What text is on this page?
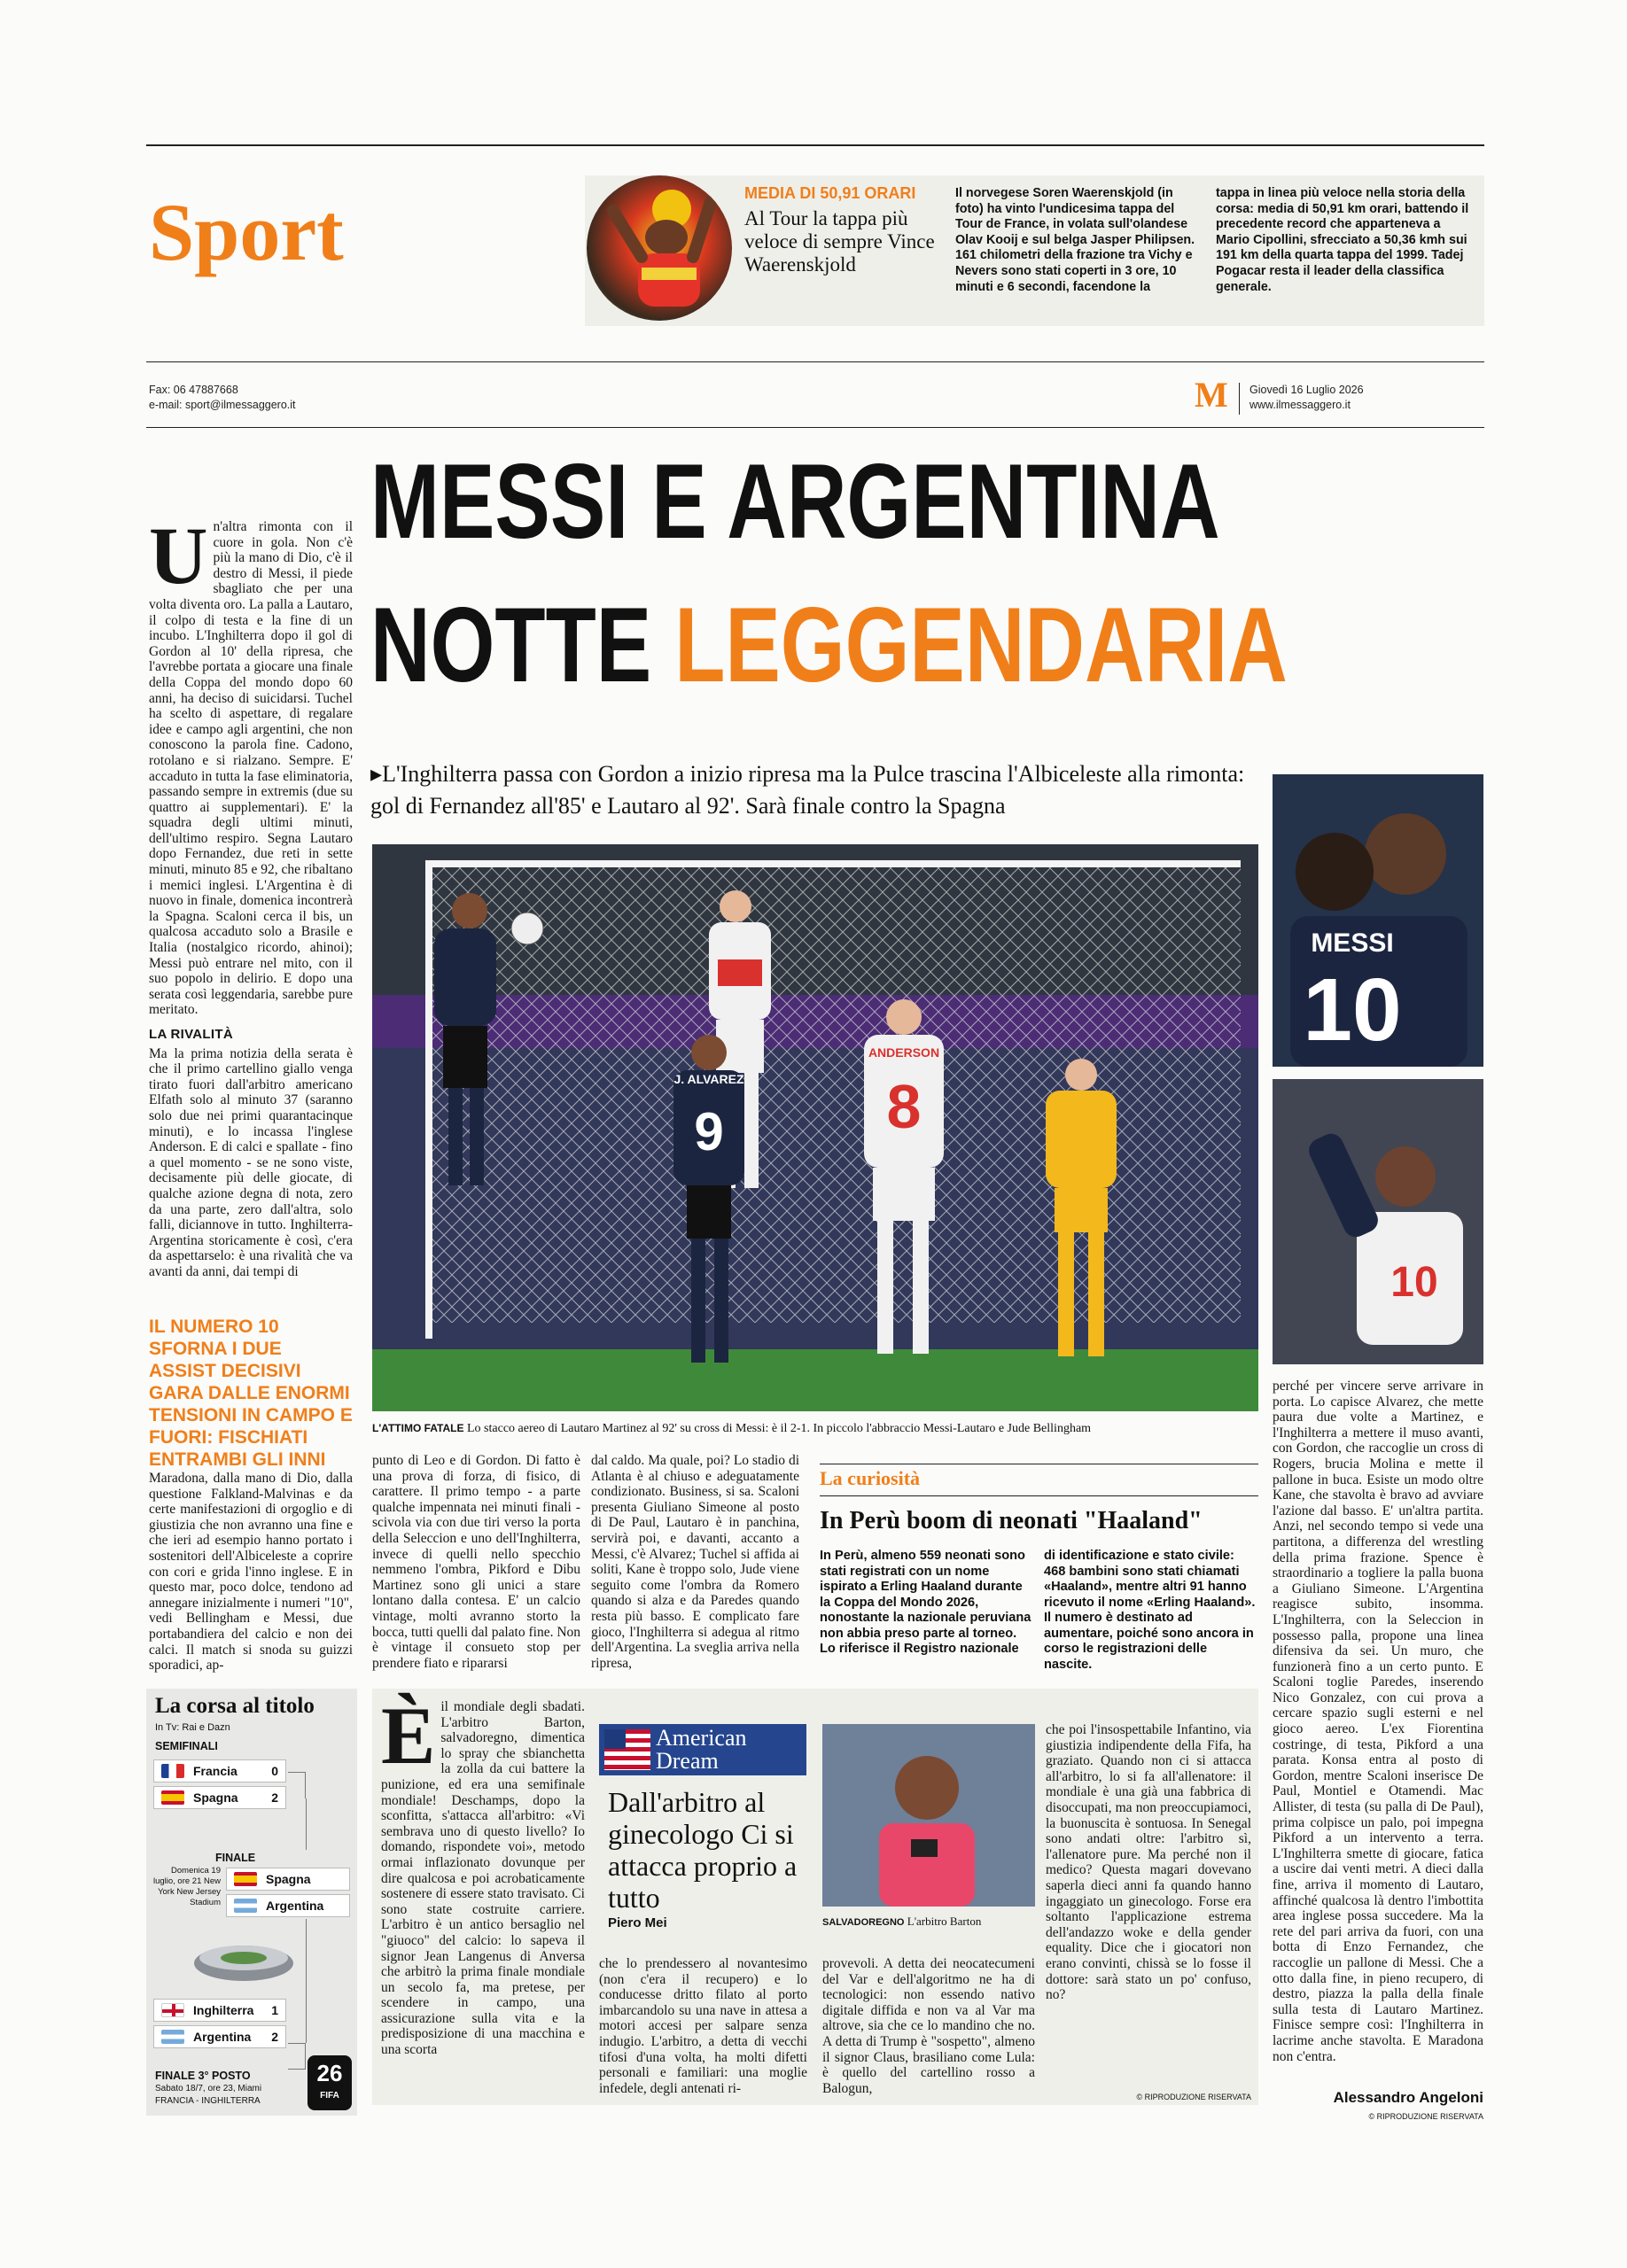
Sport	MEDIA DI 50,91 ORARI
Al Tour la tappa più veloce di sempre Vince Waerenskjold
Il norvegese Soren Waerenskjold (in foto) ha vinto l'undicesima tappa del Tour de France, in volata sull'olandese Olav Kooij e sul belga Jasper Philipsen. 161 chilometri della frazione tra Vichy e Nevers sono stati coperti in 3 ore, 10 minuti e 6 secondi, facendone la
tappa in linea più veloce nella storia della corsa: media di 50,91 km orari, battendo il precedente record che apparteneva a Mario Cipollini, sfrecciato a 50,36 kmh sui 191 km della quarta tappa del 1999. Tadej Pogacar resta il leader della classifica generale.
Fax: 06 47887668
e-mail: sport@ilmessaggero.it	M Giovedì 16 Luglio 2026
www.ilmessaggero.it
MESSI E ARGENTINA
NOTTE LEGGENDARIA
▸L'Inghilterra passa con Gordon a inizio ripresa ma la Pulce trascina l'Albiceleste alla rimonta: gol di Fernandez all'85' e Lautaro al 92'. Sarà finale contro la Spagna
U n'altra rimonta con il cuore in gola. Non c'è più la mano di Dio, c'è il destro di Messi, il piede sbagliato che per una volta diventa oro. La palla a Lautaro, il colpo di testa e la fine di un incubo. L'Inghilterra dopo il gol di Gordon al 10' della ripresa, che l'avrebbe portata a giocare una finale della Coppa del mondo dopo 60 anni, ha deciso di suicidarsi. Tuchel ha scelto di aspettare, di regalare idee e campo agli argentini, che non conoscono la parola fine. Cadono, rotolano e si rialzano. Sempre. E' accaduto in tutta la fase eliminatoria, passando sempre in extremis (due su quattro ai supplementari). E' la squadra degli ultimi minuti, dell'ultimo respiro. Segna Lautaro dopo Fernandez, due reti in sette minuti, minuto 85 e 92, che ribaltano i memici inglesi. L'Argentina è di nuovo in finale, domenica incontrerà la Spagna. Scaloni cerca il bis, un qualcosa accaduto solo a Brasile e Italia (nostalgico ricordo, ahinoi); Messi può entrare nel mito, con il suo popolo in delirio. E dopo una serata così leggendaria, sarebbe pure meritato.
LA RIVALITÀ
Ma la prima notizia della serata è che il primo cartellino giallo venga tirato fuori dall'arbitro americano Elfath solo al minuto 37 (saranno solo due nei primi quarantacinque minuti), e lo incassa l'inglese Anderson. E di calci e spallate - fino a quel momento - se ne sono viste, decisamente più delle giocate, di qualche azione degna di nota, zero da una parte, zero dall'altra, solo falli, diciannove in tutto. Inghilterra-Argentina storicamente è così, c'era da aspettarselo: è una rivalità che va avanti da anni, dai tempi di
IL NUMERO 10 SFORNA I DUE ASSIST DECISIVI GARA DALLE ENORMI TENSIONI IN CAMPO E FUORI: FISCHIATI ENTRAMBI GLI INNI
Maradona, dalla mano di Dio, dalla questione Falkland-Malvinas e da certe manifestazioni di orgoglio e di giustizia che non avranno una fine e che ieri ad esempio hanno portato i sostenitori dell'Albiceleste a coprire con cori e grida l'inno inglese. E in questo mar, poco dolce, tendono ad annegare inizialmente i numeri "10", vedi Bellingham e Messi, due portabandiera del calcio e non dei calci. Il match si snoda su guizzi sporadici, ap-
J. ALVAREZ
9
ANDERSON
8
L'ATTIMO FATALE Lo stacco aereo di Lautaro Martinez al 92' su cross di Messi: è il 2-1. In piccolo l'abbraccio Messi-Lautaro e Jude Bellingham
MESSI
10
10
perché per vincere serve arrivare in porta. Lo capisce Alvarez, che mette paura due volte a Martinez, e l'Inghilterra a mettere il muso avanti, con Gordon, che raccoglie un cross di Rogers, brucia Molina e mette il pallone in buca. Esiste un modo oltre Kane, che stavolta è bravo ad avviare l'azione dal basso. E' un'altra partita. Anzi, nel secondo tempo si vede una partitona, a differenza del wrestling della prima frazione. Spence è straordinario a togliere la palla buona a Giuliano Simeone. L'Argentina reagisce subito, insomma. L'Inghilterra, con la Seleccion in possesso palla, propone una linea difensiva da sei. Un muro, che funzionerà fino a un certo punto. E Scaloni toglie Paredes, inserendo Nico Gonzalez, con cui prova a cercare spazio sugli esterni e nel gioco aereo. L'ex Fiorentina costringe, di testa, Pikford a una parata. Konsa entra al posto di Gordon, mentre Scaloni inserisce De Paul, Montiel e Otamendi. Mac Allister, di testa (su palla di De Paul), prima colpisce un palo, poi impegna Pikford a un intervento a terra. L'Inghilterra smette di giocare, fatica a uscire dai venti metri. A dieci dalla fine, arriva il momento di Lautaro, affinché qualcosa là dentro l'imbottita area inglese possa succedere. Ma la rete del pari arriva da fuori, con una botta di Enzo Fernandez, che raccoglie un pallone di Messi. Che a otto dalla fine, in pieno recupero, di destro, piazza la palla della finale sulla testa di Lautaro Martinez. Finisce sempre così: l'Inghilterra in lacrime anche stavolta. E Maradona non c'entra.
Alessandro Angeloni
© RIPRODUZIONE RISERVATA
punto di Leo e di Gordon. Di fatto è una prova di forza, di fisico, di carattere. Il primo tempo - a parte qualche impennata nei minuti finali - scivola via con due tiri verso la porta della Seleccion e uno dell'Inghilterra, invece di quelli nello specchio nemmeno l'ombra, Pikford e Dibu Martinez sono gli unici a stare lontano dalla contesa. E' un calcio vintage, molti avranno storto la bocca, tutti quelli dal palato fine. Non è vintage il consueto stop per prendere fiato e ripararsi
dal caldo. Ma quale, poi? Lo stadio di Atlanta è al chiuso e adeguatamente condizionato. Business, si sa. Scaloni presenta Giuliano Simeone al posto di De Paul, Lautaro è in panchina, servirà poi, e davanti, accanto a Messi, c'è Alvarez; Tuchel si affida ai soliti, Kane è troppo solo, Jude viene seguito come l'ombra da Romero quando si alza e da Paredes quando resta più basso. E complicato fare gioco, l'Inghilterra si adegua al ritmo dell'Argentina. La sveglia arriva nella ripresa,
La curiosità
In Perù boom di neonati "Haaland"
In Perù, almeno 559 neonati sono stati registrati con un nome ispirato a Erling Haaland durante la Coppa del Mondo 2026, nonostante la nazionale peruviana non abbia preso parte al torneo. Lo riferisce il Registro nazionale
di identificazione e stato civile: 468 bambini sono stati chiamati «Haaland», mentre altri 91 hanno ricevuto il nome «Erling Haaland». Il numero è destinato ad aumentare, poiché sono ancora in corso le registrazioni delle nascite.
La corsa al titolo
In Tv: Rai e Dazn
SEMIFINALI
Francia	0
Spagna	2
FINALE
Domenica 19 luglio, ore 21 New York New Jersey Stadium
Spagna
Argentina
Inghilterra 1
Argentina 2
FINALE 3° POSTO
Sabato 18/7, ore 23, Miami
FRANCIA - INGHILTERRA
26
FIFA
È il mondiale degli sbadati. L'arbitro Barton, salvadoregno, dimentica lo spray che sbianchetta la zolla da cui battere la punizione, ed era una semifinale mondiale! Deschamps, dopo la sconfitta, s'attacca all'arbitro: «Vi sembrava uno di questo livello? Io domando, rispondete voi», metodo ormai inflazionato dovunque per dire qualcosa e poi acrobaticamente sostenere di essere stato travisato. Ci sono state costruite carriere. L'arbitro è un antico bersaglio nel "giuoco" del calcio: lo sapeva il signor Jean Langenus di Anversa che arbitrò la prima finale mondiale un secolo fa, ma pretese, per scendere in campo, una assicurazione sulla vita e la predisposizione di una macchina e una scorta
American
Dream
Dall'arbitro al ginecologo Ci si attacca proprio a tutto
Piero Mei
che lo prendessero al novantesimo (non c'era il recupero) e lo conducesse dritto filato al porto imbarcandolo su una nave in attesa a motori accesi per salpare senza indugio. L'arbitro, a detta di vecchi tifosi d'una volta, ha molti difetti personali e familiari: una moglie infedele, degli antenati ri-
SALVADOREGNO L'arbitro Barton
provevoli. A detta dei neocatecumeni del Var e dell'algoritmo ne ha di tecnologici: non essendo nativo digitale diffida e non va al Var ma altrove, sia che ce lo mandino che no. A detta di Trump è "sospetto", almeno il signor Claus, brasiliano come Lula: è quello del cartellino rosso a Balogun,
che poi l'insospettabile Infantino, via giustizia indipendente della Fifa, ha graziato. Quando non ci si attacca all'arbitro, lo si fa all'allenatore: il mondiale è una già una fabbrica di disoccupati, ma non preoccupiamoci, la buonuscita è sontuosa. In Senegal sono andati oltre: l'arbitro sì, l'allenatore pure. Ma perché non il medico? Questa magari dovevano saperla dieci anni fa quando hanno ingaggiato un ginecologo. Forse era soltanto l'applicazione estrema dell'andazzo woke e della gender equality. Dice che i giocatori non erano convinti, chissà se lo fosse il dottore: sarà stato un po' confuso, no?
© RIPRODUZIONE RISERVATA
